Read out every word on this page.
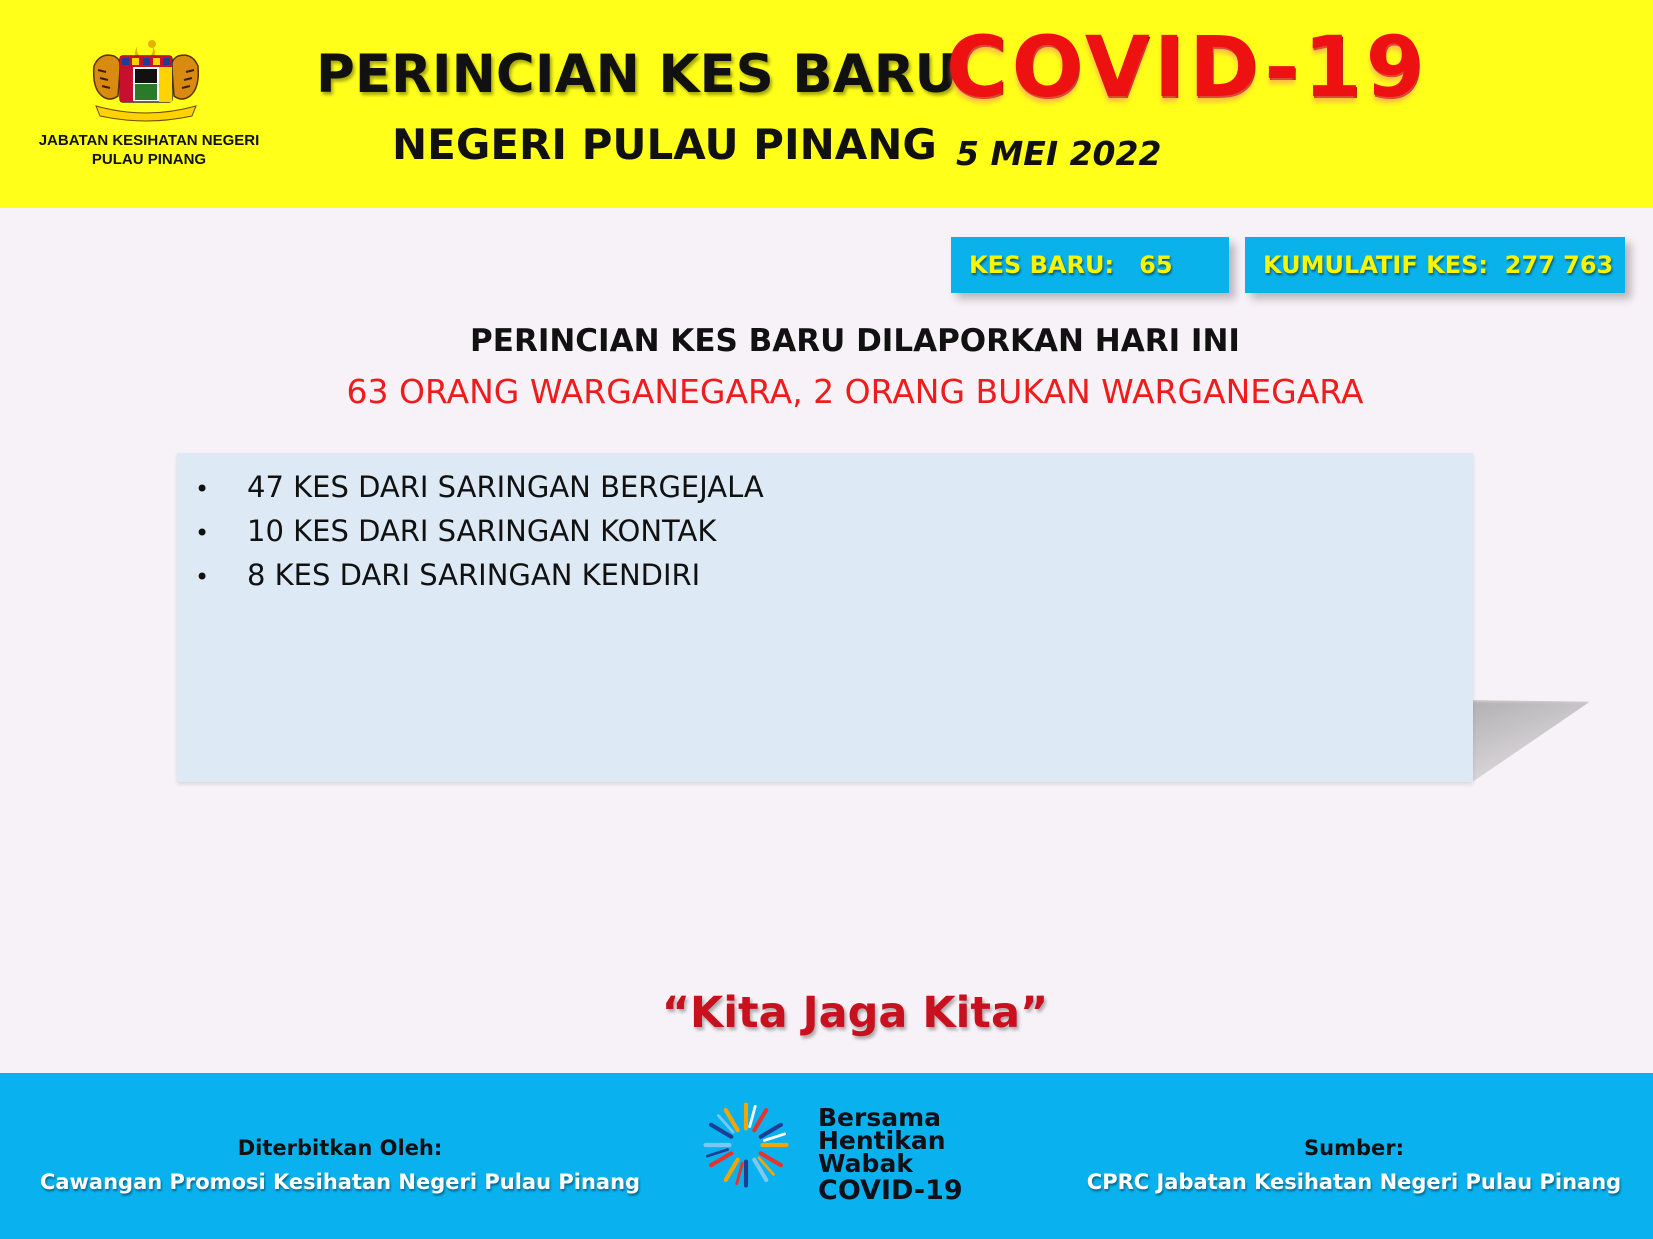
JABATAN KESIHATAN NEGERI
PULAU PINANG
PERINCIAN KES BARU
COVID-19
NEGERI PULAU PINANG 5 MEI 2022
KES BARU:   65	KUMULATIF KES:  277 763
PERINCIAN KES BARU DILAPORKAN HARI INI
63 ORANG WARGANEGARA, 2 ORANG BUKAN WARGANEGARA
• 47 KES DARI SARINGAN BERGEJALA
• 10 KES DARI SARINGAN KONTAK
• 8 KES DARI SARINGAN KENDIRI
“Kita Jaga Kita”
Diterbitkan Oleh:
Cawangan Promosi Kesihatan Negeri Pulau Pinang
Bersama
Hentikan
Wabak
COVID-19
Sumber:
CPRC Jabatan Kesihatan Negeri Pulau Pinang
